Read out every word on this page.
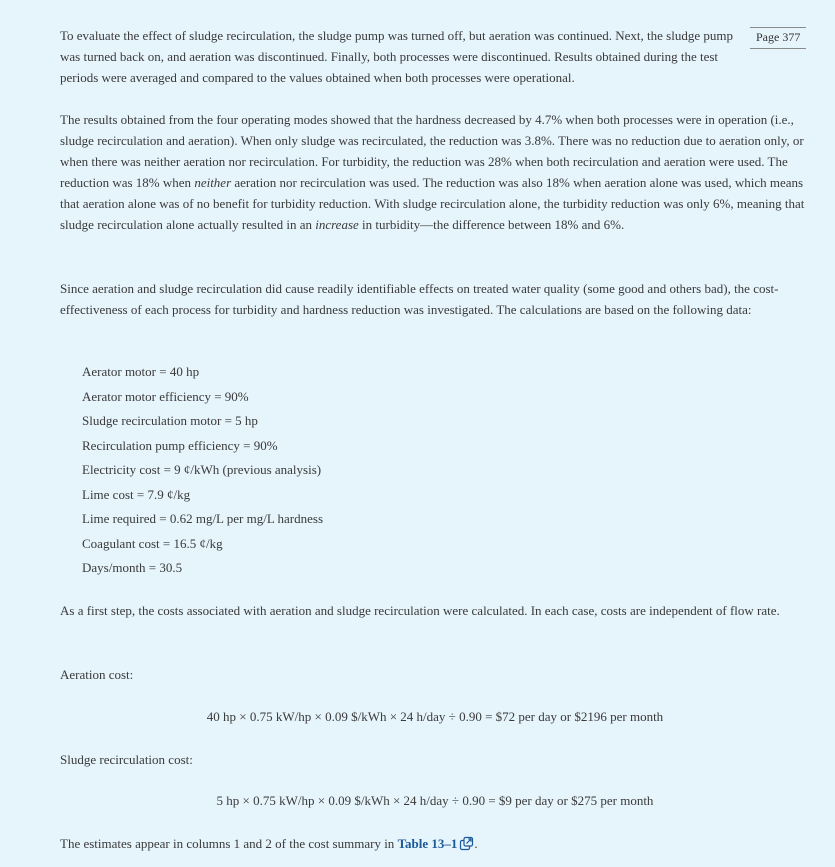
Page 377

To evaluate the effect of sludge recirculation, the sludge pump was turned off, but aeration was continued. Next, the sludge pump was turned back on, and aeration was discontinued. Finally, both processes were discontinued. Results obtained during the test periods were averaged and compared to the values obtained when both processes were operational.

The results obtained from the four operating modes showed that the hardness decreased by 4.7% when both processes were in operation (i.e., sludge recirculation and aeration). When only sludge was recirculated, the reduction was 3.8%. There was no reduction due to aeration only, or when there was neither aeration nor recirculation. For turbidity, the reduction was 28% when both recirculation and aeration were used. The reduction was 18% when neither aeration nor recirculation was used. The reduction was also 18% when aeration alone was used, which means that aeration alone was of no benefit for turbidity reduction. With sludge recirculation alone, the turbidity reduction was only 6%, meaning that sludge recirculation alone actually resulted in an increase in turbidity—the difference between 18% and 6%.

Since aeration and sludge recirculation did cause readily identifiable effects on treated water quality (some good and others bad), the cost-effectiveness of each process for turbidity and hardness reduction was investigated. The calculations are based on the following data:

Aerator motor = 40 hp
Aerator motor efficiency = 90%
Sludge recirculation motor = 5 hp
Recirculation pump efficiency = 90%
Electricity cost = 9 ¢/kWh (previous analysis)
Lime cost = 7.9 ¢/kg
Lime required = 0.62 mg/L per mg/L hardness
Coagulant cost = 16.5 ¢/kg
Days/month = 30.5

As a first step, the costs associated with aeration and sludge recirculation were calculated. In each case, costs are independent of flow rate.

Aeration cost:

40 hp × 0.75 kW/hp × 0.09 $/kWh × 24 h/day ÷ 0.90 = $72 per day or $2196 per month

Sludge recirculation cost:

5 hp × 0.75 kW/hp × 0.09 $/kWh × 24 h/day ÷ 0.90 = $9 per day or $275 per month

The estimates appear in columns 1 and 2 of the cost summary in Table 13–1 .
